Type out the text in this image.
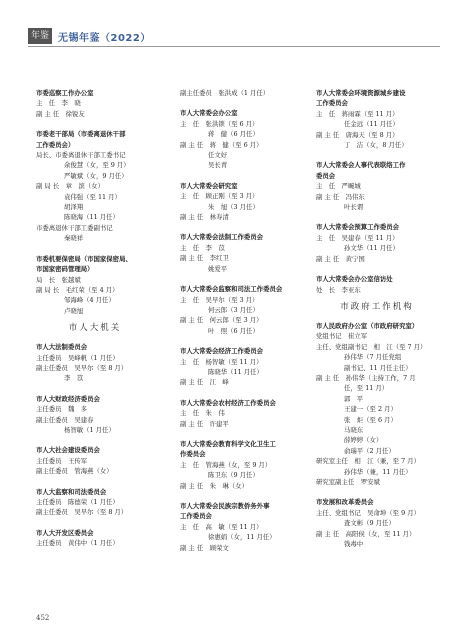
年鉴 无锡年鉴（2022）
市委巡察工作办公室
主　任　李　晓
副 主 任　徐锐友
市委老干部局（市委离退休干部
工作委员会）
局长、市委离退休干部工委书记
余俊慧（女，至 9 月）
严敏斌（女，9 月任）
副 局 长　章　滨（女）
袁伟强（至 11 月）
胡泽翔
陈晓海（11 月任）
市委离退休干部工委副书记
秦晓祥
市委机要保密局（市国家保密局、
市国家密码管理局）
局　长　张越斌
副 局 长　毛红荣（至 4 月）
邹海峰（4 月任）
卢晓旭
市人大机关
市人大法制委员会
主任委员　吴峰帆（1 月任）
副主任委员　吴早尔（至 8 月）
李　苡
市人大财政经济委员会
主任委员　魏　多
副主任委员　吴建春
杨智敏（1 月任）
市人大社会建设委员会
主任委员　王传军
副主任委员　管海燕（女）
市人大监察和司法委员会
主任委员　陈德荣（1 月任）
副主任委员　吴早尔（至 8 月）
市人大开发区委员会
主任委员　黄伟中（1 月任）
副主任委员　张洪成（1 月任）
市人大常委会办公室
主　任　张洪锁（至 6 月）
蒋　健（6 月任）
副 主 任　蒋　健（至 6 月）
任文好
吴长青
市人大常委会研究室
主　任　顾正刚（至 3 月）
朱　旭（3 月任）
副 主 任　林寿清
市人大常委会法制工作委员会
主　任　李　苡
副 主 任　李红卫
姚爱平
市人大常委会监察和司法工作委员会
主　任　吴早尔（至 3 月）
何云郎（3 月任）
副 主 任　何云郎（至 3 月）
叶　照（6 月任）
市人大常委会经济工作委员会
主　任　杨智敏（至 11 月）
陈晓华（11 月任）
副 主 任　江　峰
市人大常委会农村经济工作委员会
主　任　朱　伟
副 主 任　许建平
市人大常委会教育科学文化卫生工
作委员会
主　任　管海燕（女，至 9 月）
陈卫东（9 月任）
副 主 任　朱　琳（女）
市人大常委会民族宗教侨务外事
工作委员会
主　任　高　敏（至 11 月）
徐惠娟（女，11 月任）
副 主 任　顾荣文
市人大常委会环境资源城乡建设
工作委员会
主　任　蒋雨霖（至 11 月）
任金远（11 月任）
副 主 任　唐海天（至 8 月）
丁　洁（女，8 月任）
市人大常委会人事代表联络工作
委员会
主　任　严畹城
副 主 任　冯伟东
叶长谓
市人大常委会预算工作委员会
主　任　吴建春（至 11 月）
孙文华（11 月任）
副 主 任　黄宁国
市人大常委会办公室信访处
处　长　李亚东
市政府工作机构
市人民政府办公室（市政府研究室）
党组书记　崔立军
主任、党组副书记　相　江（至 7 月）
孙伟华（7 月任党组
副书记、11 月任主任）
副 主 任　孙伟华（主持工作，7 月
任，至 11 月）
郭　平
王建一（至 2 月）
张　炬（至 6 月）
马晓东
薛婷婷（女）
俞瑞平（2 月任）
研究室主任　相　江（兼，至 7 月）
孙伟华（兼，11 月任）
研究室副主任　罗安斌
市发展和改革委员会
主任、党组书记　吴命坤（至 9 月）
査文彬（9 月任）
副 主 任　高阳侯（女，至 11 月）
钱毒中
452
